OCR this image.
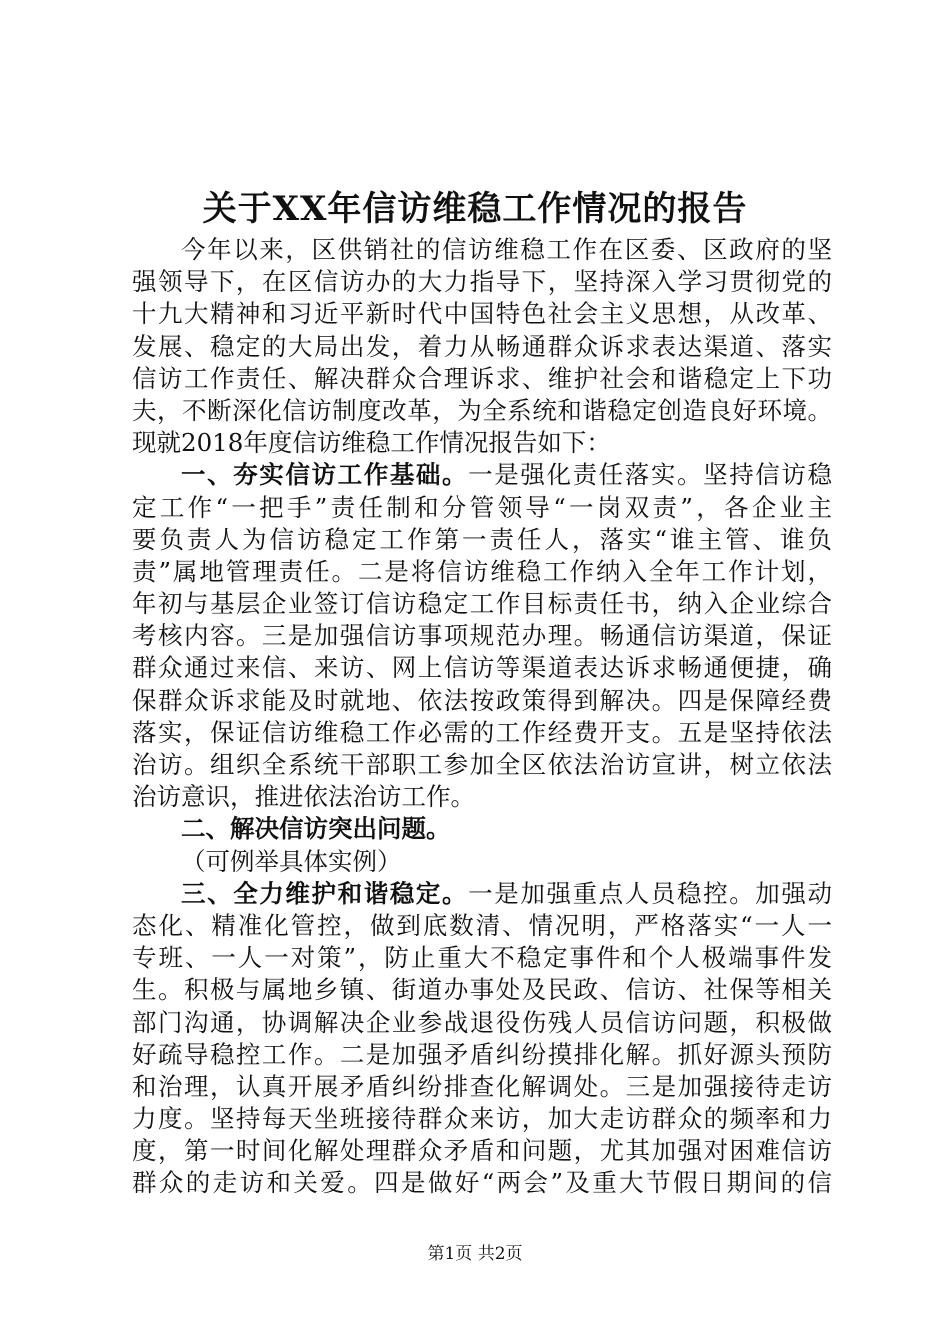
关于XX年信访维稳工作情况的报告
今年以来，区供销社的信访维稳工作在区委、区政府的坚
强领导下，在区信访办的大力指导下，坚持深入学习贯彻党的
十九大精神和习近平新时代中国特色社会主义思想，从改革、
发展、稳定的大局出发，着力从畅通群众诉求表达渠道、落实
信访工作责任、解决群众合理诉求、维护社会和谐稳定上下功
夫，不断深化信访制度改革，为全系统和谐稳定创造良好环境。
现就2018年度信访维稳工作情况报告如下：
一、夯实信访工作基础。一是强化责任落实。坚持信访稳
定工作“一把手”责任制和分管领导“一岗双责”，各企业主
要负责人为信访稳定工作第一责任人，落实“谁主管、谁负
责”属地管理责任。二是将信访维稳工作纳入全年工作计划，
年初与基层企业签订信访稳定工作目标责任书，纳入企业综合
考核内容。三是加强信访事项规范办理。畅通信访渠道，保证
群众通过来信、来访、网上信访等渠道表达诉求畅通便捷，确
保群众诉求能及时就地、依法按政策得到解决。四是保障经费
落实，保证信访维稳工作必需的工作经费开支。五是坚持依法
治访。组织全系统干部职工参加全区依法治访宣讲，树立依法
治访意识，推进依法治访工作。
二、解决信访突出问题。
（可例举具体实例）
三、全力维护和谐稳定。一是加强重点人员稳控。加强动
态化、精准化管控，做到底数清、情况明，严格落实“一人一
专班、一人一对策”，防止重大不稳定事件和个人极端事件发
生。积极与属地乡镇、街道办事处及民政、信访、社保等相关
部门沟通，协调解决企业参战退役伤残人员信访问题，积极做
好疏导稳控工作。二是加强矛盾纠纷摸排化解。抓好源头预防
和治理，认真开展矛盾纠纷排查化解调处。三是加强接待走访
力度。坚持每天坐班接待群众来访，加大走访群众的频率和力
度，第一时间化解处理群众矛盾和问题，尤其加强对困难信访
群众的走访和关爱。四是做好“两会”及重大节假日期间的信
第1页 共2页
